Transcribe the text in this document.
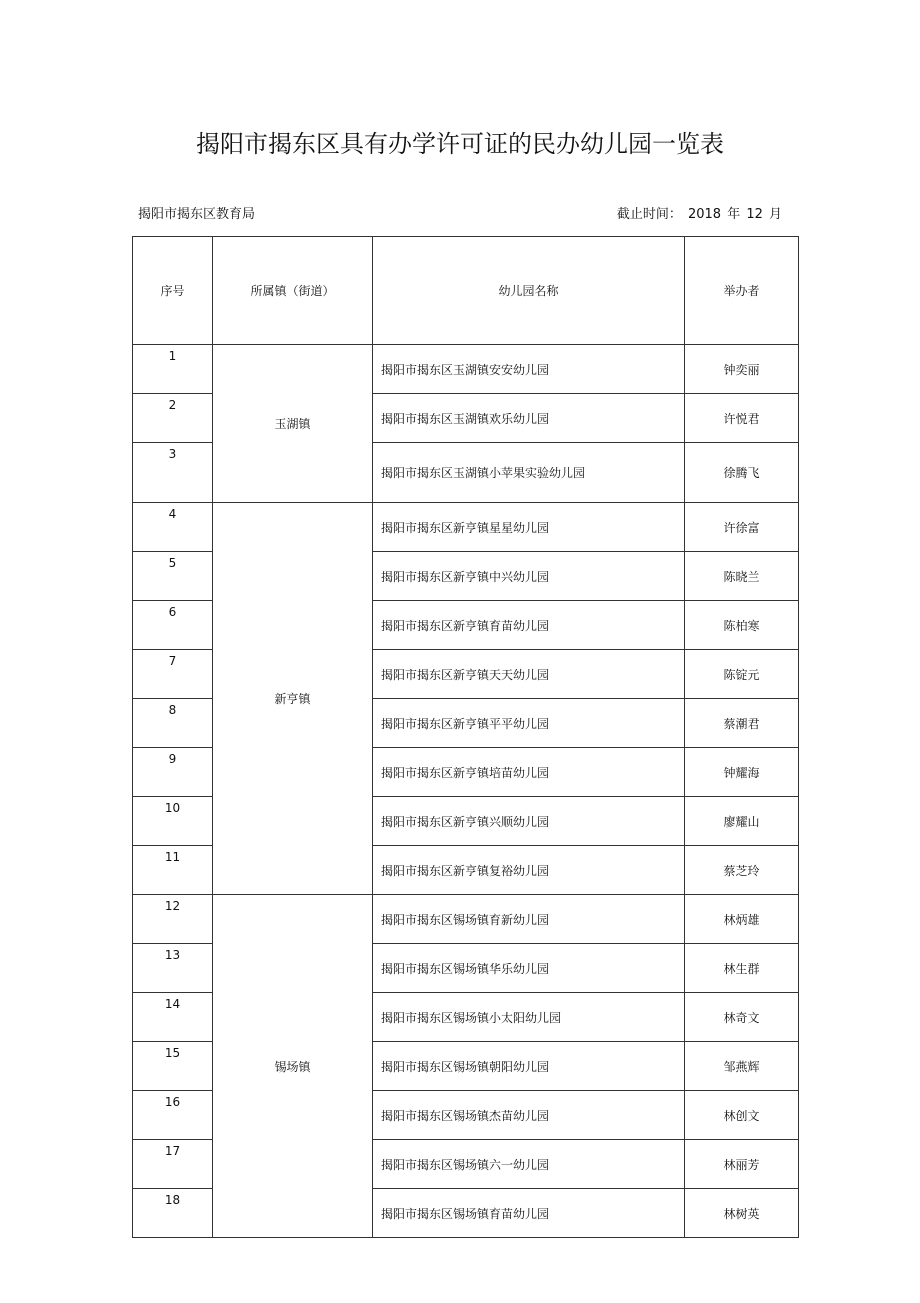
揭阳市揭东区具有办学许可证的民办幼儿园一览表
揭阳市揭东区教育局	截止时间： 2018 年 12 月
序号	所属镇（街道）	幼儿园名称	举办者
1	玉湖镇	揭阳市揭东区玉湖镇安安幼儿园	钟奕丽
2		揭阳市揭东区玉湖镇欢乐幼儿园	许悦君
3		揭阳市揭东区玉湖镇小苹果实验幼儿园	徐腾飞
4	新亨镇	揭阳市揭东区新亨镇星星幼儿园	许徐富
5		揭阳市揭东区新亨镇中兴幼儿园	陈晓兰
6		揭阳市揭东区新亨镇育苗幼儿园	陈柏寒
7		揭阳市揭东区新亨镇天天幼儿园	陈锭元
8		揭阳市揭东区新亨镇平平幼儿园	蔡潮君
9		揭阳市揭东区新亨镇培苗幼儿园	钟耀海
10		揭阳市揭东区新亨镇兴顺幼儿园	廖耀山
11		揭阳市揭东区新亨镇复裕幼儿园	蔡芝玲
12	锡场镇	揭阳市揭东区锡场镇育新幼儿园	林炳雄
13		揭阳市揭东区锡场镇华乐幼儿园	林生群
14		揭阳市揭东区锡场镇小太阳幼儿园	林奇文
15		揭阳市揭东区锡场镇朝阳幼儿园	邹燕辉
16		揭阳市揭东区锡场镇杰苗幼儿园	林创文
17		揭阳市揭东区锡场镇六一幼儿园	林丽芳
18		揭阳市揭东区锡场镇育苗幼儿园	林树英
